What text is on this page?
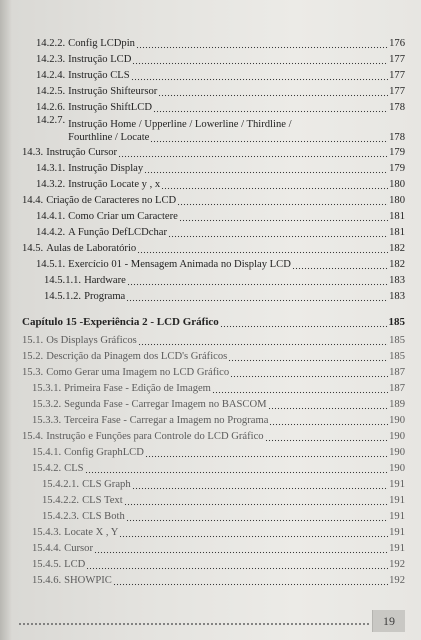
14.2.2. Config LCDpin	176
14.2.3. Instrução LCD	177
14.2.4. Instrução CLS	177
14.2.5. Instrução Shifteursor	177
14.2.6. Instrução ShiftLCD	178
14.2.7. Instrução Home / Upperline / Lowerline / Thirdline /
Fourthline / Locate	178
14.3. Instrução Cursor	179
14.3.1. Instrução Display	179
14.3.2. Instrução Locate y , x	180
14.4. Criação de Caracteres no LCD	180
14.4.1. Como Criar um Caractere	181
14.4.2. A Função DefLCDchar	181
14.5. Aulas de Laboratório	182
14.5.1. Exercício 01 - Mensagem Animada no Display LCD	182
14.5.1.1. Hardware	183
14.5.1.2. Programa	183
Capítulo 15 - Experiência 2 - LCD Gráfico	185
15.1. Os Displays Gráficos	185
15.2. Descrição da Pinagem dos LCD's Gráficos	185
15.3. Como Gerar uma Imagem no LCD Gráfico	187
15.3.1. Primeira Fase - Edição de Imagem	187
15.3.2. Segunda Fase - Carregar Imagem no BASCOM	189
15.3.3. Terceira Fase - Carregar a Imagem no Programa	190
15.4. Instrução e Funções para Controle do LCD Gráfico	190
15.4.1. Config GraphLCD	190
15.4.2. CLS	190
15.4.2.1. CLS Graph	191
15.4.2.2. CLS Text	191
15.4.2.3. CLS Both	191
15.4.3. Locate X , Y	191
15.4.4. Cursor	191
15.4.5. LCD	192
15.4.6. SHOWPIC	192
19
